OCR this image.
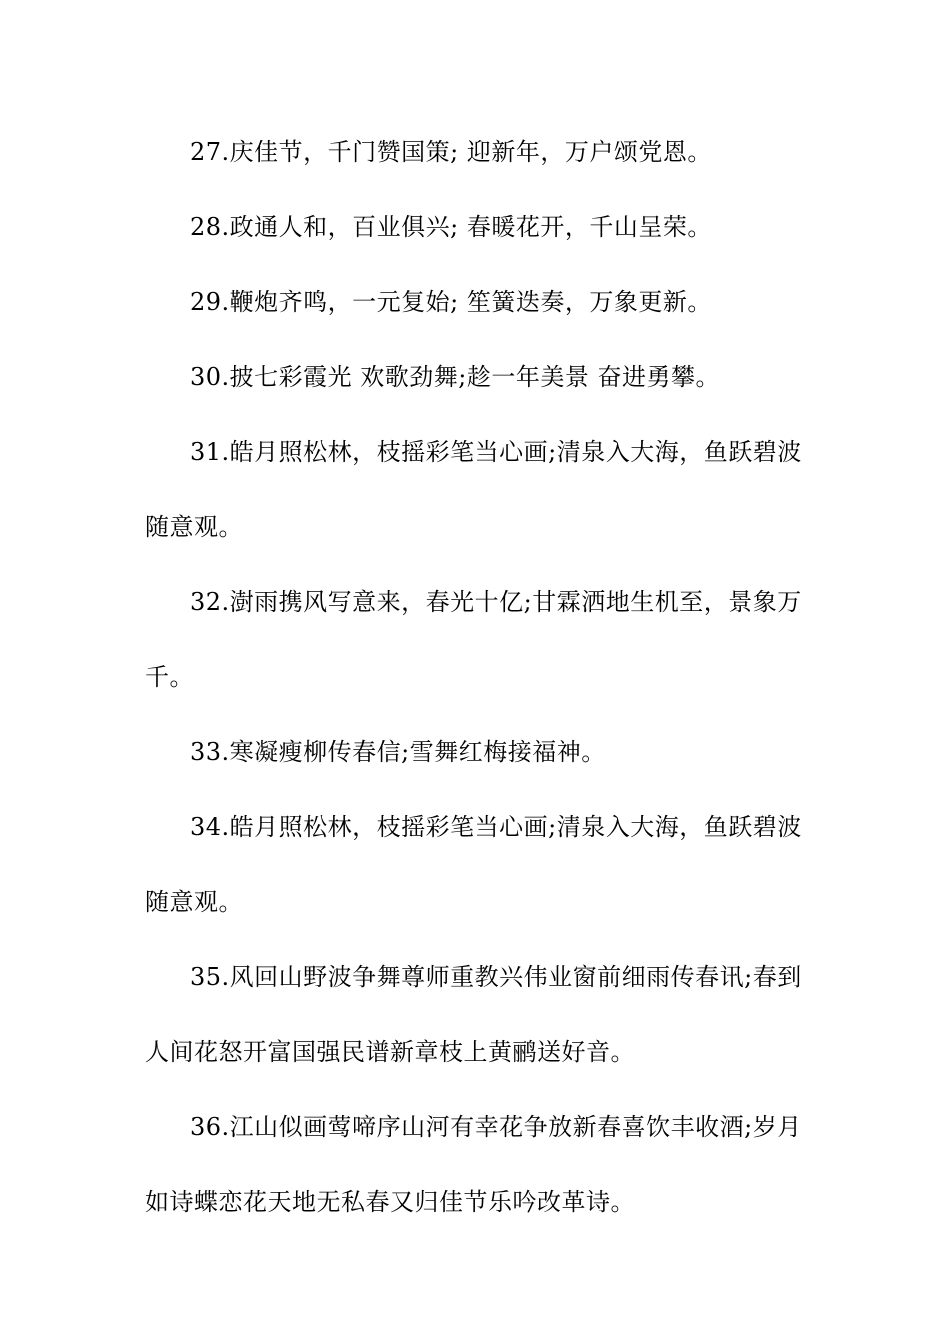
27.庆佳节，千门赞国策; 迎新年，万户颂党恩。
28.政通人和，百业俱兴; 春暖花开，千山呈荣。
29.鞭炮齐鸣，一元复始; 笙簧迭奏，万象更新。
30.披七彩霞光 欢歌劲舞;趁一年美景 奋进勇攀。
31.皓月照松林，枝摇彩笔当心画;清泉入大海，鱼跃碧波
随意观。
32.澍雨携风写意来，春光十亿;甘霖洒地生机至，景象万
千。
33.寒凝瘦柳传春信;雪舞红梅接福神。
34.皓月照松林，枝摇彩笔当心画;清泉入大海，鱼跃碧波
随意观。
35.风回山野波争舞尊师重教兴伟业窗前细雨传春讯;春到
人间花怒开富国强民谱新章枝上黄鹂送好音。
36.江山似画莺啼序山河有幸花争放新春喜饮丰收酒;岁月
如诗蝶恋花天地无私春又归佳节乐吟改革诗。
